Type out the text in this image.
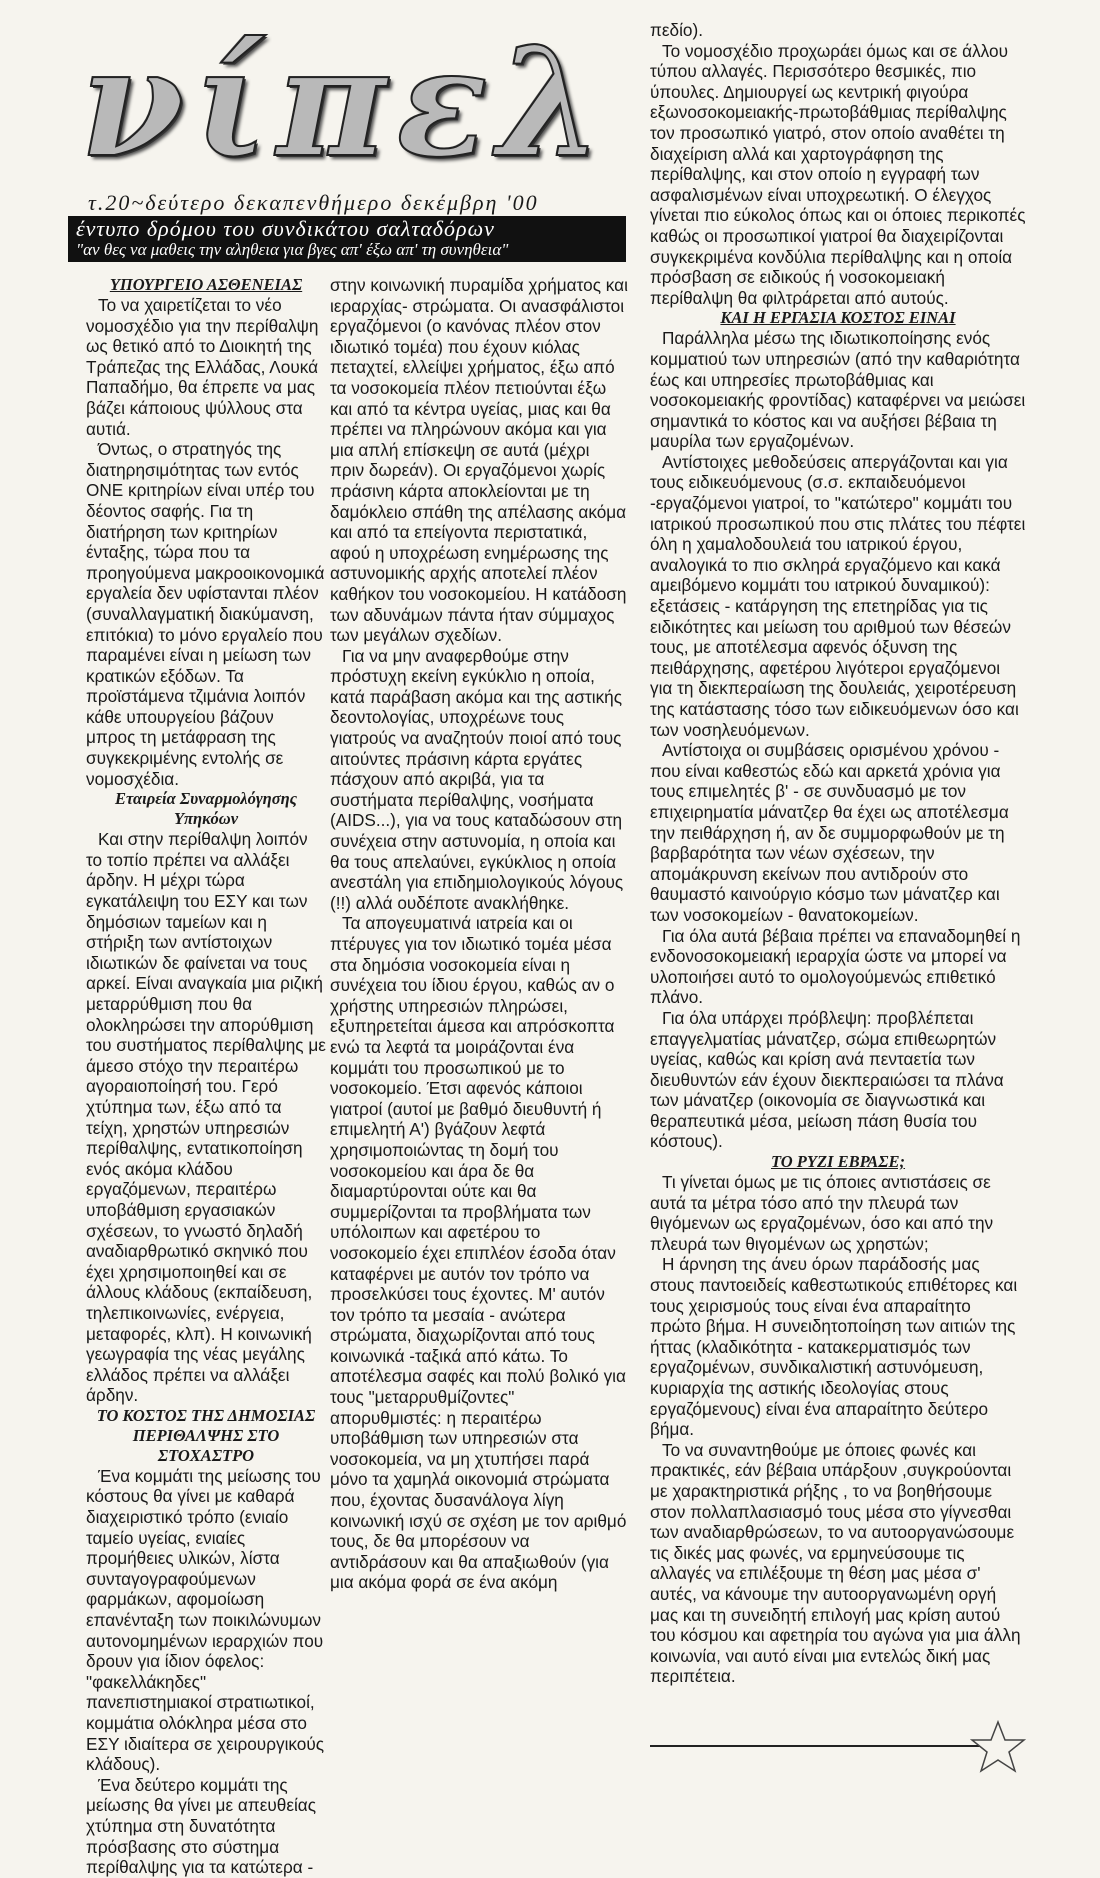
νίπελ
τ.20~δεύτερο δεκαπενθήμερο δεκέμβρη '00
έντυπο δρόμου του συνδικάτου σαλταδόρων
"αν θες να μαθεις την αληθεια για βγες απ' έξω απ' τη συνηθεια"
ΥΠΟΥΡΓΕΙΟ ΑΣΘΕΝΕΙΑΣ

Το να χαιρετίζεται το νέο νομοσχέδιο για την περίθαλψη ως θετικό από το Διοικητή της Τράπεζας της Ελλάδας, Λουκά Παπαδήμο, θα έπρεπε να μας βάζει κάποιους ψύλλους στα αυτιά.

Όντως, ο στρατηγός της διατηρησιμότητας των εντός ΟΝΕ κριτηρίων είναι υπέρ του δέοντος σαφής. Για τη διατήρηση των κριτηρίων ένταξης, τώρα που τα προηγούμενα μακροοικονομικά εργαλεία δεν υφίστανται πλέον (συναλλαγματική διακύμανση, επιτόκια) το μόνο εργαλείο που παραμένει είναι η μείωση των κρατικών εξόδων. Τα προϊστάμενα τζιμάνια λοιπόν κάθε υπουργείου βάζουν μπρος τη μετάφραση της συγκεκριμένης εντολής σε νομοσχέδια.

Εταιρεία Συναρμολόγησης Υπηκόων

Και στην περίθαλψη λοιπόν το τοπίο πρέπει να αλλάξει άρδην. Η μέχρι τώρα εγκατάλειψη του ΕΣΥ και των δημόσιων ταμείων και η στήριξη των αντίστοιχων ιδιωτικών δε φαίνεται να τους αρκεί. Είναι αναγκαία μια ριζική μεταρρύθμιση που θα ολοκληρώσει την απορύθμιση του συστήματος περίθαλψης με άμεσο στόχο την περαιτέρω αγοραιοποίησή του. Γερό χτύπημα των, έξω από τα τείχη, χρηστών υπηρεσιών περίθαλψης, εντατικοποίηση ενός ακόμα κλάδου εργαζόμενων, περαιτέρω υποβάθμιση εργασιακών σχέσεων, το γνωστό δηλαδή αναδιαρθρωτικό σκηνικό που έχει χρησιμοποιηθεί και σε άλλους κλάδους (εκπαίδευση, τηλεπικοινωνίες, ενέργεια, μεταφορές, κλπ). Η κοινωνική γεωγραφία της νέας μεγάλης ελλάδος πρέπει να αλλάξει άρδην.

ΤΟ ΚΟΣΤΟΣ ΤΗΣ ΔΗΜΟΣΙΑΣ ΠΕΡΙΘΑΛΨΗΣ ΣΤΟ ΣΤΟΧΑΣΤΡΟ

Ένα κομμάτι της μείωσης του κόστους θα γίνει με καθαρά διαχειριστικό τρόπο (ενιαίο ταμείο υγείας, ενιαίες προμήθειες υλικών, λίστα συνταγογραφούμενων φαρμάκων, αφομοίωση επανένταξη των ποικιλώνυμων αυτονομημένων ιεραρχιών που δρουν για ίδιον όφελος: "φακελλάκηδες" πανεπιστημιακοί στρατιωτικοί, κομμάτια ολόκληρα μέσα στο ΕΣΥ ιδιαίτερα σε χειρουργικούς κλάδους).

Ένα δεύτερο κομμάτι της μείωσης θα γίνει με απευθείας χτύπημα στη δυνατότητα πρόσβασης στο σύστημα περίθαλψης για τα κατώτερα -

στην κοινωνική πυραμίδα χρήματος και ιεραρχίας- στρώματα. Οι ανασφάλιστοι εργαζόμενοι (ο κανόνας πλέον στον ιδιωτικό τομέα) που έχουν κιόλας πεταχτεί, ελλείψει χρήματος, έξω από τα νοσοκομεία πλέον πετιούνται έξω και από τα κέντρα υγείας, μιας και θα πρέπει να πληρώνουν ακόμα και για μια απλή επίσκεψη σε αυτά (μέχρι πριν δωρεάν). Οι εργαζόμενοι χωρίς πράσινη κάρτα αποκλείονται με τη δαμόκλειο σπάθη της απέλασης ακόμα και από τα επείγοντα περιστατικά, αφού η υποχρέωση ενημέρωσης της αστυνομικής αρχής αποτελεί πλέον καθήκον του νοσοκομείου. Η κατάδοση των αδυνάμων πάντα ήταν σύμμαχος των μεγάλων σχεδίων.

Για να μην αναφερθούμε στην πρόστυχη εκείνη εγκύκλιο η οποία, κατά παράβαση ακόμα και της αστικής δεοντολογίας, υποχρέωνε τους γιατρούς να αναζητούν ποιοί από τους αιτούντες πράσινη κάρτα εργάτες πάσχουν από ακριβά, για τα συστήματα περίθαλψης, νοσήματα (AIDS...), για να τους καταδώσουν στη συνέχεια στην αστυνομία, η οποία και θα τους απελαύνει, εγκύκλιος η οποία ανεστάλη για επιδημιολογικούς λόγους (!!) αλλά ουδέποτε ανακλήθηκε.

Τα απογευματινά ιατρεία και οι πτέρυγες για τον ιδιωτικό τομέα μέσα στα δημόσια νοσοκομεία είναι η συνέχεια του ίδιου έργου, καθώς αν ο χρήστης υπηρεσιών πληρώσει, εξυπηρετείται άμεσα και απρόσκοπτα ενώ τα λεφτά τα μοιράζονται ένα κομμάτι του προσωπικού με το νοσοκομείο. Έτσι αφενός κάποιοι γιατροί (αυτοί με βαθμό διευθυντή ή επιμελητή Α') βγάζουν λεφτά χρησιμοποιώντας τη δομή του νοσοκομείου και άρα δε θα διαμαρτύρονται ούτε και θα συμμερίζονται τα προβλήματα των υπόλοιπων και αφετέρου το νοσοκομείο έχει επιπλέον έσοδα όταν καταφέρνει με αυτόν τον τρόπο να προσελκύσει τους έχοντες. Μ' αυτόν τον τρόπο τα μεσαία - ανώτερα στρώματα, διαχωρίζονται από τους κοινωνικά -ταξικά από κάτω. Το αποτέλεσμα σαφές και πολύ βολικό για τους "μεταρρυθμίζοντες" απορυθμιστές: η περαιτέρω υποβάθμιση των υπηρεσιών στα νοσοκομεία, να μη χτυπήσει παρά μόνο τα χαμηλά οικονομιά στρώματα που, έχοντας δυσανάλογα λίγη κοινωνική ισχύ σε σχέση με τον αριθμό τους, δε θα μπορέσουν να αντιδράσουν και θα απαξιωθούν (για μια ακόμα φορά σε ένα ακόμη

πεδίο).

Το νομοσχέδιο προχωράει όμως και σε άλλου τύπου αλλαγές. Περισσότερο θεσμικές, πιο ύπουλες. Δημιουργεί ως κεντρική φιγούρα εξωνοσοκομειακής-πρωτοβάθμιας περίθαλψης τον προσωπικό γιατρό, στον οποίο αναθέτει τη διαχείριση αλλά και χαρτογράφηση της περίθαλψης, και στον οποίο η εγγραφή των ασφαλισμένων είναι υποχρεωτική. Ο έλεγχος γίνεται πιο εύκολος όπως και οι όποιες περικοπές καθώς οι προσωπικοί γιατροί θα διαχειρίζονται συγκεκριμένα κονδύλια περίθαλψης και η οποία πρόσβαση σε ειδικούς ή νοσοκομειακή περίθαλψη θα φιλτράρεται από αυτούς.

ΚΑΙ Η ΕΡΓΑΣΙΑ ΚΟΣΤΟΣ ΕΙΝΑΙ

Παράλληλα μέσω της ιδιωτικοποίησης ενός κομματιού των υπηρεσιών (από την καθαριότητα έως και υπηρεσίες πρωτοβάθμιας και νοσοκομειακής φροντίδας) καταφέρνει να μειώσει σημαντικά το κόστος και να αυξήσει βέβαια τη μαυρίλα των εργαζομένων.

Αντίστοιχες μεθοδεύσεις απεργάζονται και για τους ειδικευόμενους (σ.σ. εκπαιδευόμενοι -εργαζόμενοι γιατροί, το "κατώτερο" κομμάτι του ιατρικού προσωπικού που στις πλάτες του πέφτει όλη η χαμαλοδουλειά του ιατρικού έργου, αναλογικά το πιο σκληρά εργαζόμενο και κακά αμειβόμενο κομμάτι του ιατρικού δυναμικού): εξετάσεις - κατάργηση της επετηρίδας για τις ειδικότητες και μείωση του αριθμού των θέσεών τους, με αποτέλεσμα αφενός όξυνση της πειθάρχησης, αφετέρου λιγότεροι εργαζόμενοι για τη διεκπεραίωση της δουλειάς, χειροτέρευση της κατάστασης τόσο των ειδικευόμενων όσο και των νοσηλευόμενων.

Αντίστοιχα οι συμβάσεις ορισμένου χρόνου - που είναι καθεστώς εδώ και αρκετά χρόνια για τους επιμελητές β' - σε συνδυασμό με τον επιχειρηματία μάνατζερ θα έχει ως αποτέλεσμα την πειθάρχηση ή, αν δε συμμορφωθούν με τη βαρβαρότητα των νέων σχέσεων, την απομάκρυνση εκείνων που αντιδρούν στο θαυμαστό καινούργιο κόσμο των μάνατζερ και των νοσοκομείων - θανατοκομείων.

Για όλα αυτά βέβαια πρέπει να επαναδομηθεί η ενδονοσοκομειακή ιεραρχία ώστε να μπορεί να υλοποιήσει αυτό το ομολογούμενώς επιθετικό πλάνο.

Για όλα υπάρχει πρόβλεψη: προβλέπεται επαγγελματίας μάνατζερ, σώμα επιθεωρητών υγείας, καθώς και κρίση ανά πενταετία των διευθυντών εάν έχουν διεκπεραιώσει τα πλάνα των μάνατζερ (οικονομία σε διαγνωστικά και θεραπευτικά μέσα, μείωση πάση θυσία του κόστους).

ΤΟ ΡΥΖΙ ΕΒΡΑΣΕ;

Τι γίνεται όμως με τις όποιες αντιστάσεις σε αυτά τα μέτρα τόσο από την πλευρά των θιγόμενων ως εργαζομένων, όσο και από την πλευρά των θιγομένων ως χρηστών;

Η άρνηση της άνευ όρων παράδοσής μας στους παντοειδείς καθεστωτικούς επιθέτορες και τους χειρισμούς τους είναι ένα απαραίτητο πρώτο βήμα. Η συνειδητοποίηση των αιτιών της ήττας (κλαδικότητα - κατακερματισμός των εργαζομένων, συνδικαλιστική αστυνόμευση, κυριαρχία της αστικής ιδεολογίας στους εργαζόμενους) είναι ένα απαραίτητο δεύτερο βήμα.

Το να συναντηθούμε με όποιες φωνές και πρακτικές, εάν βέβαια υπάρξουν ,συγκρούονται με χαρακτηριστικά ρήξης , το να βοηθήσουμε στον πολλαπλασιασμό τους μέσα στο γίγνεσθαι των αναδιαρθρώσεων, το να αυτοοργανώσουμε τις δικές μας φωνές, να ερμηνεύσουμε τις αλλαγές να επιλέξουμε τη θέση μας μέσα σ' αυτές, να κάνουμε την αυτοοργανωμένη οργή μας και τη συνειδητή επιλογή μας κρίση αυτού του κόσμου και αφετηρία του αγώνα για μια άλλη κοινωνία, ναι αυτό είναι μια εντελώς δική μας περιπέτεια.
